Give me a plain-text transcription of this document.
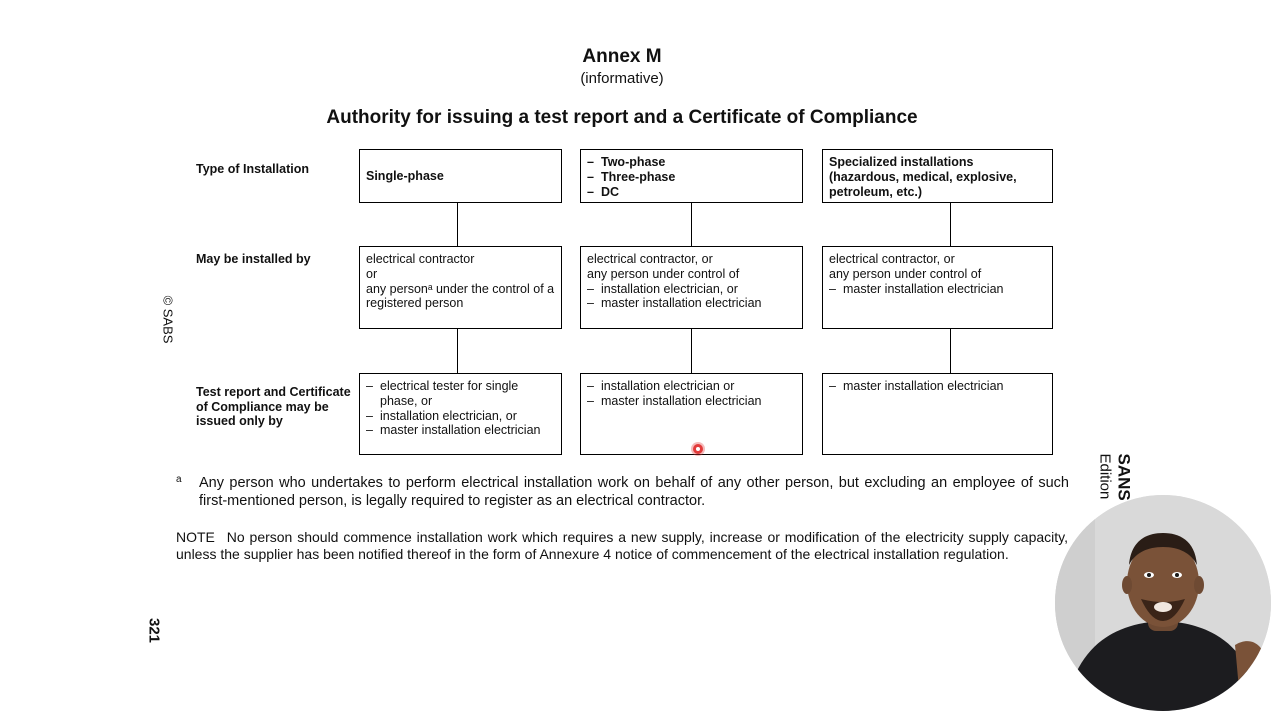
Annex M
(informative)
Authority for issuing a test report and a Certificate of Compliance
© SABS
321
SANS
Edition
Type of Installation
May be installed by
Test report and Certificate of Compliance may be issued only by
Single-phase
electrical contractor
or
any personᵃ under the control of a registered person
– electrical tester for single phase, or
– installation electrician, or
– master installation electrician
– Two-phase
– Three-phase
– DC
electrical contractor, or
any person under control of
– installation electrician, or
– master installation electrician
– installation electrician or
– master installation electrician
Specialized installations (hazardous, medical, explosive, petroleum, etc.)
electrical contractor, or
any person under control of
– master installation electrician
– master installation electrician
a Any person who undertakes to perform electrical installation work on behalf of any other person, but excluding an employee of such first-mentioned person, is legally required to register as an electrical contractor.
NOTE  No person should commence installation work which requires a new supply, increase or modification of the electricity supply capacity, unless the supplier has been notified thereof in the form of Annexure 4 notice of commencement of the electrical installation regulation.
